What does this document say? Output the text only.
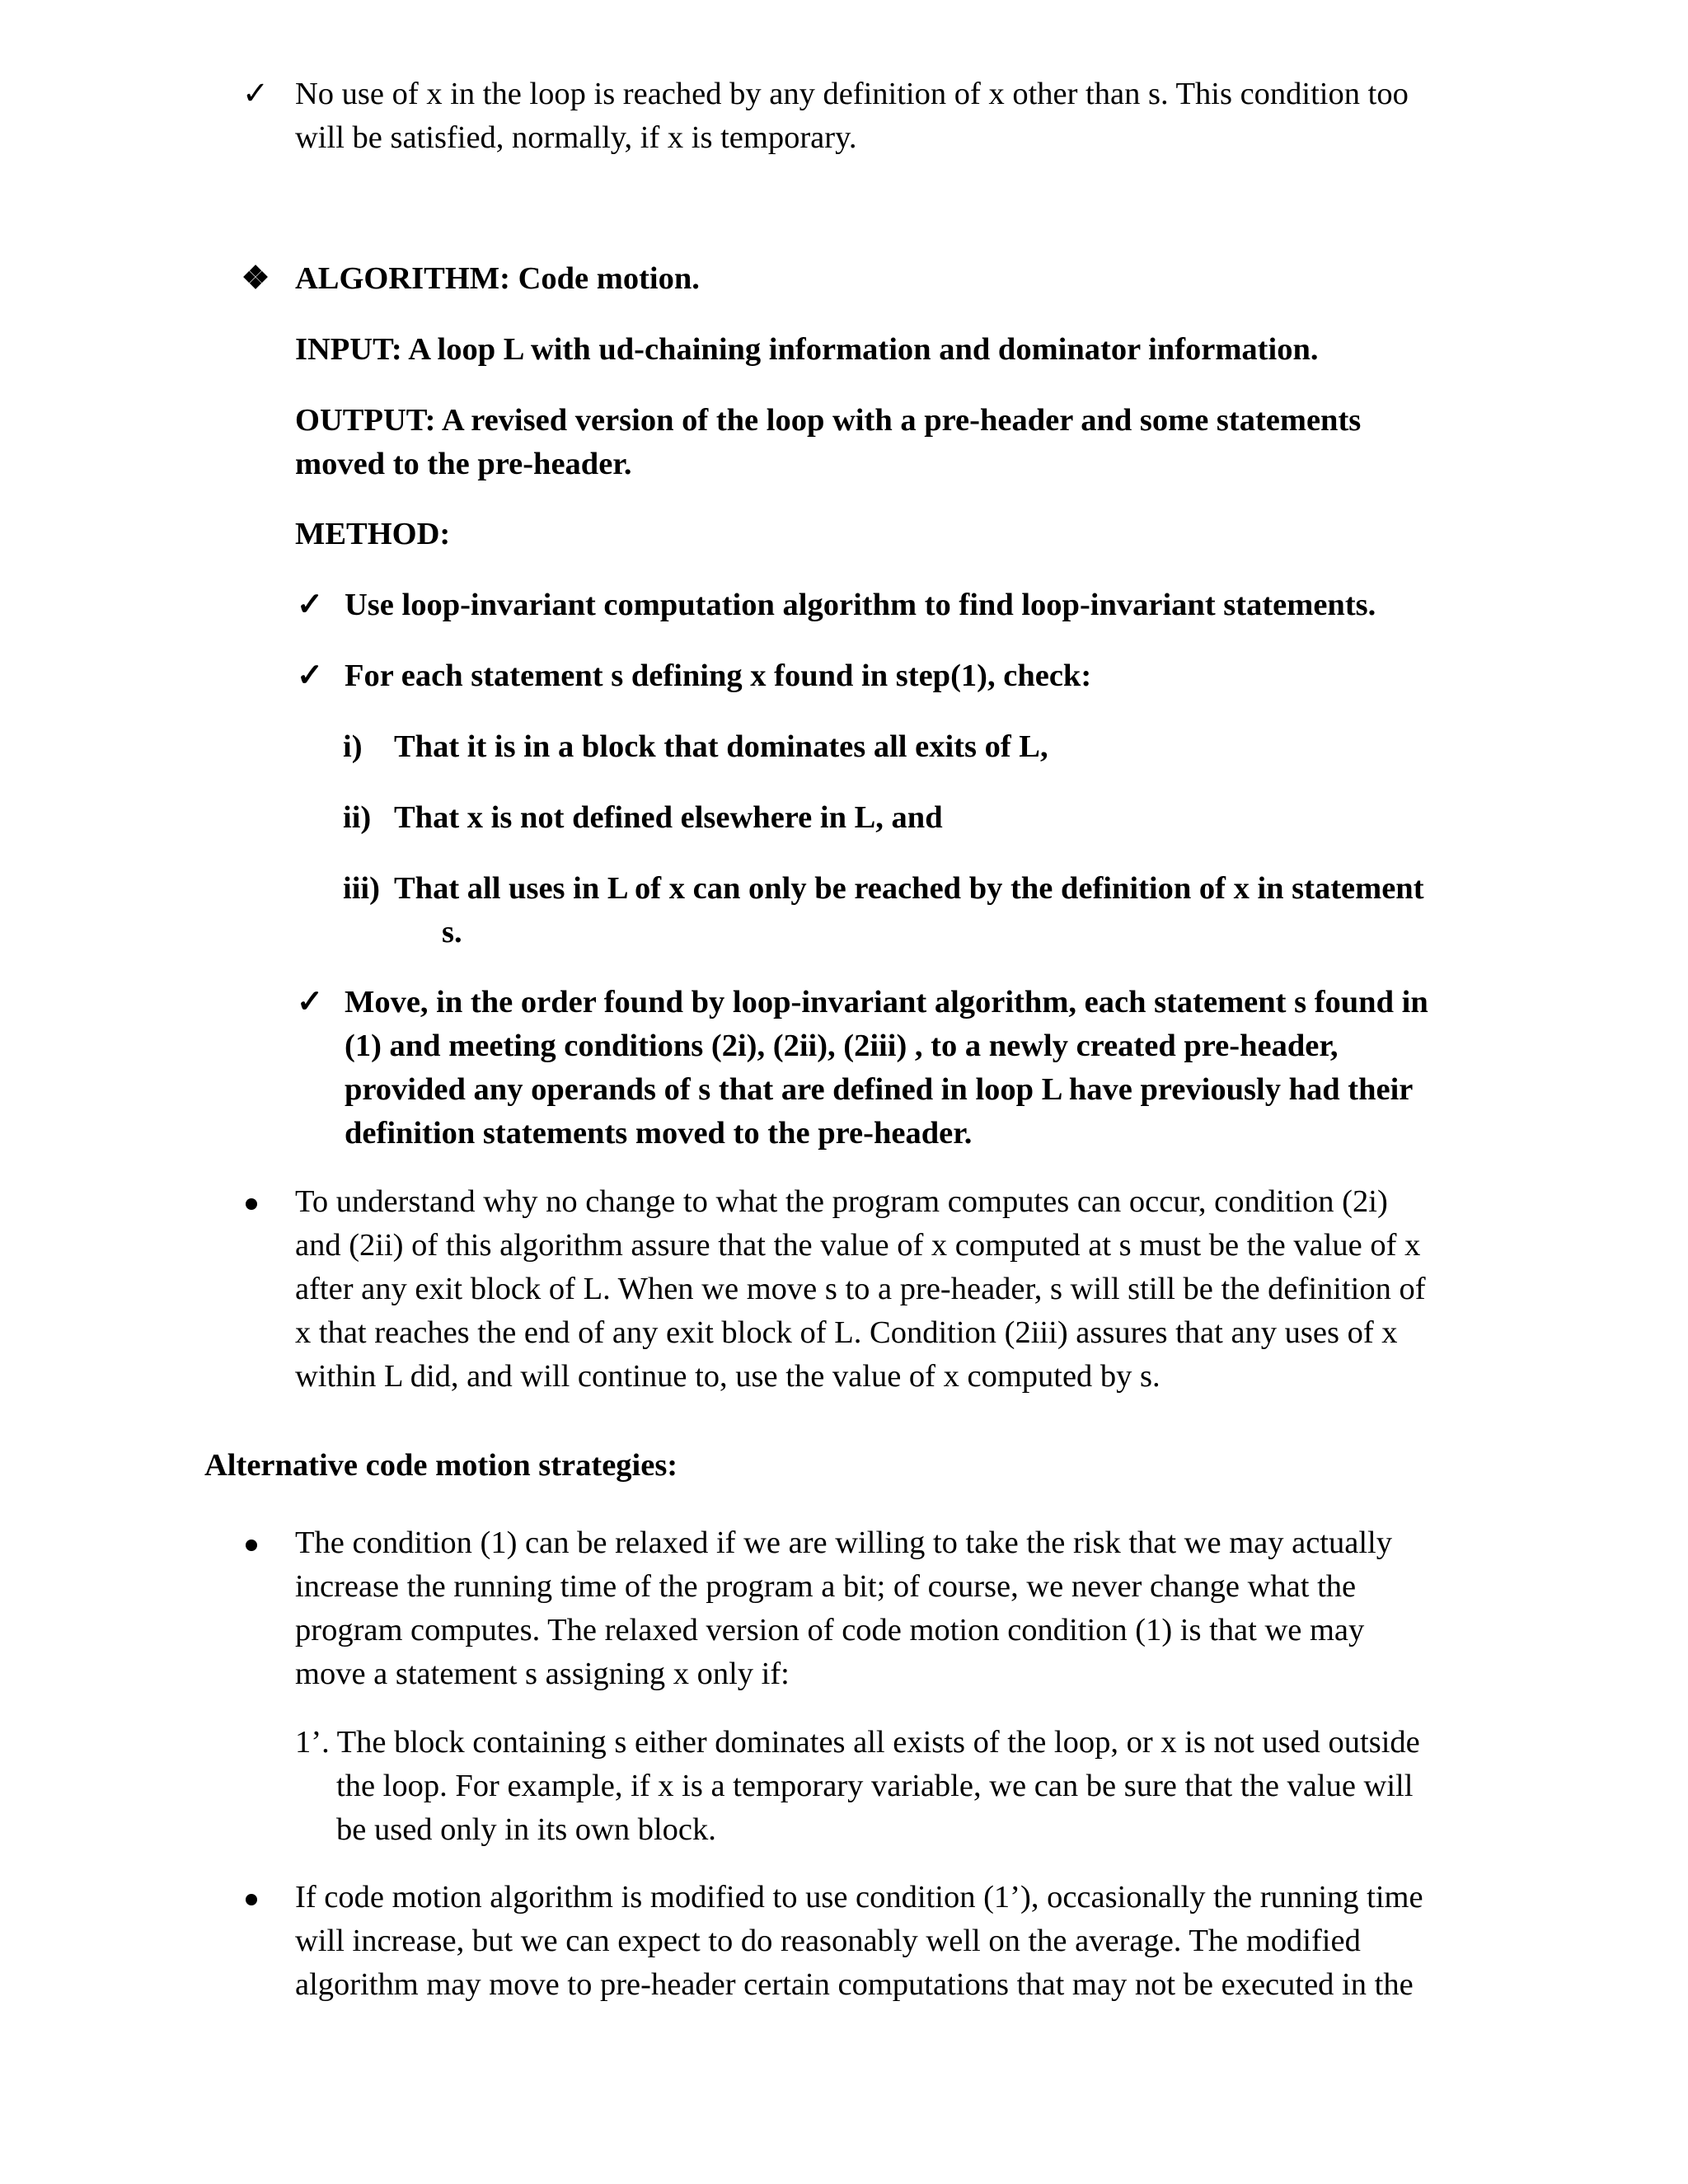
✓ No use of x in the loop is reached by any definition of x other than s. This condition too
will be satisfied, normally, if x is temporary.
❖ ALGORITHM: Code motion.
INPUT: A loop L with ud-chaining information and dominator information.
OUTPUT: A revised version of the loop with a pre-header and some statements
moved to the pre-header.
METHOD:
✓ Use loop-invariant computation algorithm to find loop-invariant statements.
✓ For each statement s defining x found in step(1), check:
i) That it is in a block that dominates all exits of L,
ii) That x is not defined elsewhere in L, and
iii) That all uses in L of x can only be reached by the definition of x in statement
s.
✓ Move, in the order found by loop-invariant algorithm, each statement s found in
(1) and meeting conditions (2i), (2ii), (2iii) , to a newly created pre-header,
provided any operands of s that are defined in loop L have previously had their
definition statements moved to the pre-header.
To understand why no change to what the program computes can occur, condition (2i)
and (2ii) of this algorithm assure that the value of x computed at s must be the value of x
after any exit block of L. When we move s to a pre-header, s will still be the definition of
x that reaches the end of any exit block of L. Condition (2iii) assures that any uses of x
within L did, and will continue to, use the value of x computed by s.
Alternative code motion strategies:
The condition (1) can be relaxed if we are willing to take the risk that we may actually
increase the running time of the program a bit; of course, we never change what the
program computes. The relaxed version of code motion condition (1) is that we may
move a statement s assigning x only if:
1’. The block containing s either dominates all exists of the loop, or x is not used outside
the loop. For example, if x is a temporary variable, we can be sure that the value will
be used only in its own block.
If code motion algorithm is modified to use condition (1’), occasionally the running time
will increase, but we can expect to do reasonably well on the average. The modified
algorithm may move to pre-header certain computations that may not be executed in the
